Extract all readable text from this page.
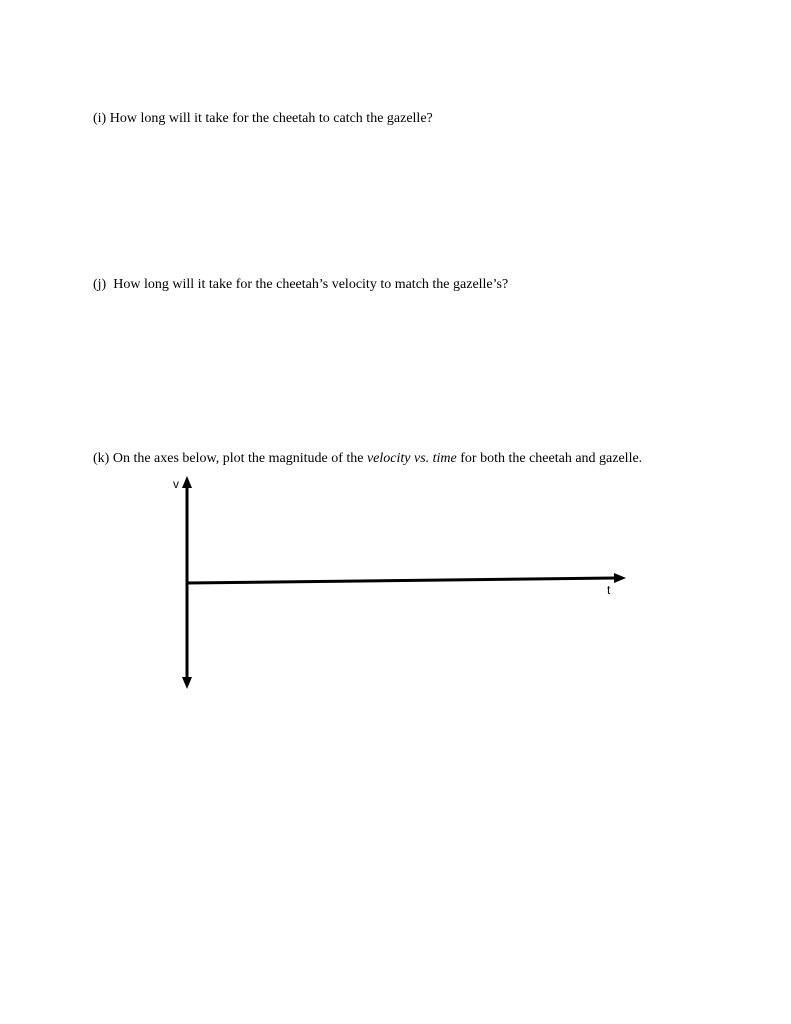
(i) How long will it take for the cheetah to catch the gazelle?

(j) How long will it take for the cheetah’s velocity to match the gazelle’s?

(k) On the axes below, plot the magnitude of the velocity vs. time for both the cheetah and gazelle.

v
t
